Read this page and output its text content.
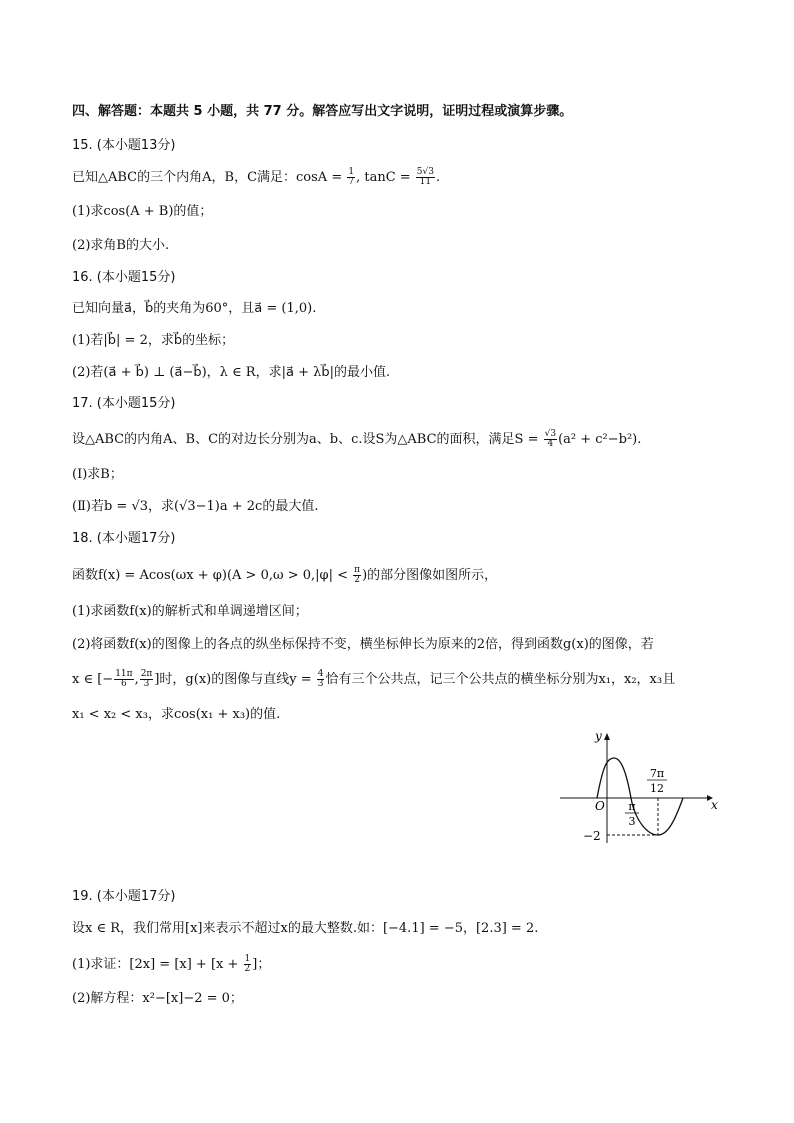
四、解答题：本题共 5 小题，共 77 分。解答应写出文字说明，证明过程或演算步骤。
15. (本小题13分)
已知△ABC的三个内角A，B，C满足：$\cos A = \frac{1}{7}$ , $\tan C = \frac{5√3}{11}$ .
(1)求cos(A + B)的值；
(2)求角B的大小.
16. (本小题15分)
已知向量a⃗，b⃗的夹角为60°，且a⃗ = (1,0).
(1)若|b⃗| = 2，求b⃗的坐标；
(2)若(a⃗ + b⃗) ⊥ (a⃗−b⃗)，λ ∈ R，求|a⃗ + λb⃗|的最小值.
17. (本小题15分)
设△ABC的内角A、B、C的对边长分别为a、b、c.设S为△ABC的面积，满足$S = \frac{√3}{4} (a^2 + c^2-b^2)$.
(Ⅰ)求B；
(Ⅱ)若b = √3，求(√3−1)a + 2c的最大值.
18. (本小题17分)
函数$f(x) = Acos(\omega x + \varphi)(A > 0,\omega > 0,|\varphi| < \frac{\pi}{2}$ )的部分图像如图所示，
(1)求函数f(x)的解析式和单调递增区间；
(2)将函数f(x)的图像上的各点的纵坐标保持不变，横坐标伸长为原来的2倍，得到函数g(x)的图像，若
x ∈ [− $\frac{11\pi}{6}$ , $\frac{2\pi}{3}$ ]时，g(x)的图像与直线$y = \frac{4}{3}$ 恰有三个公共点，记三个公共点的横坐标分别为x₁，x₂，x₃且
x₁ < x₂ < x₃，求cos(x₁ + x₃)的值.
y
x
O π
3
7π
12
−2
19. (本小题17分)
设x ∈ R，我们常用[x]来表示不超过x的最大整数.如：[−4.1] = −5，[2.3] = 2.
(1)求证：$[2x] = [x] + [x + \frac{1}{2}$ ]；
(2)解方程：x²−[x]−2 = 0；
